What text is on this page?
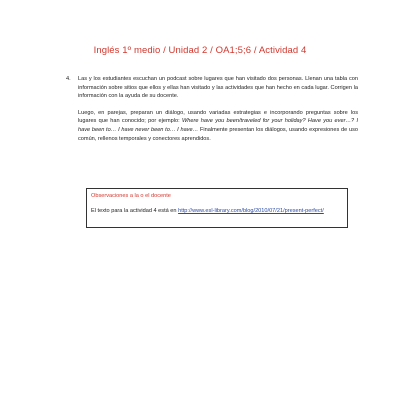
Inglés 1º medio / Unidad 2 / OA1;5;6 / Actividad 4
4.	Las y los estudiantes escuchan un podcast sobre lugares que han visitado dos personas. Llenan una tabla con información sobre sitios que ellos y ellas han visitado y las actividades que han hecho en cada lugar. Corrigen la información con la ayuda de su docente.

Luego, en parejas, preparan un diálogo, usando variadas estrategias e incorporando preguntas sobre los lugares que han conocido; por ejemplo: Where have you been/traveled for your holiday? Have you ever…? I have been to… I have never been to… I have… Finalmente presentan los diálogos, usando expresiones de uso común, rellenos temporales y conectores aprendidos.

Observaciones a la o el docente
El texto para la actividad 4 está en http://www.esl-library.com/blog/2010/07/21/present-perfect/
